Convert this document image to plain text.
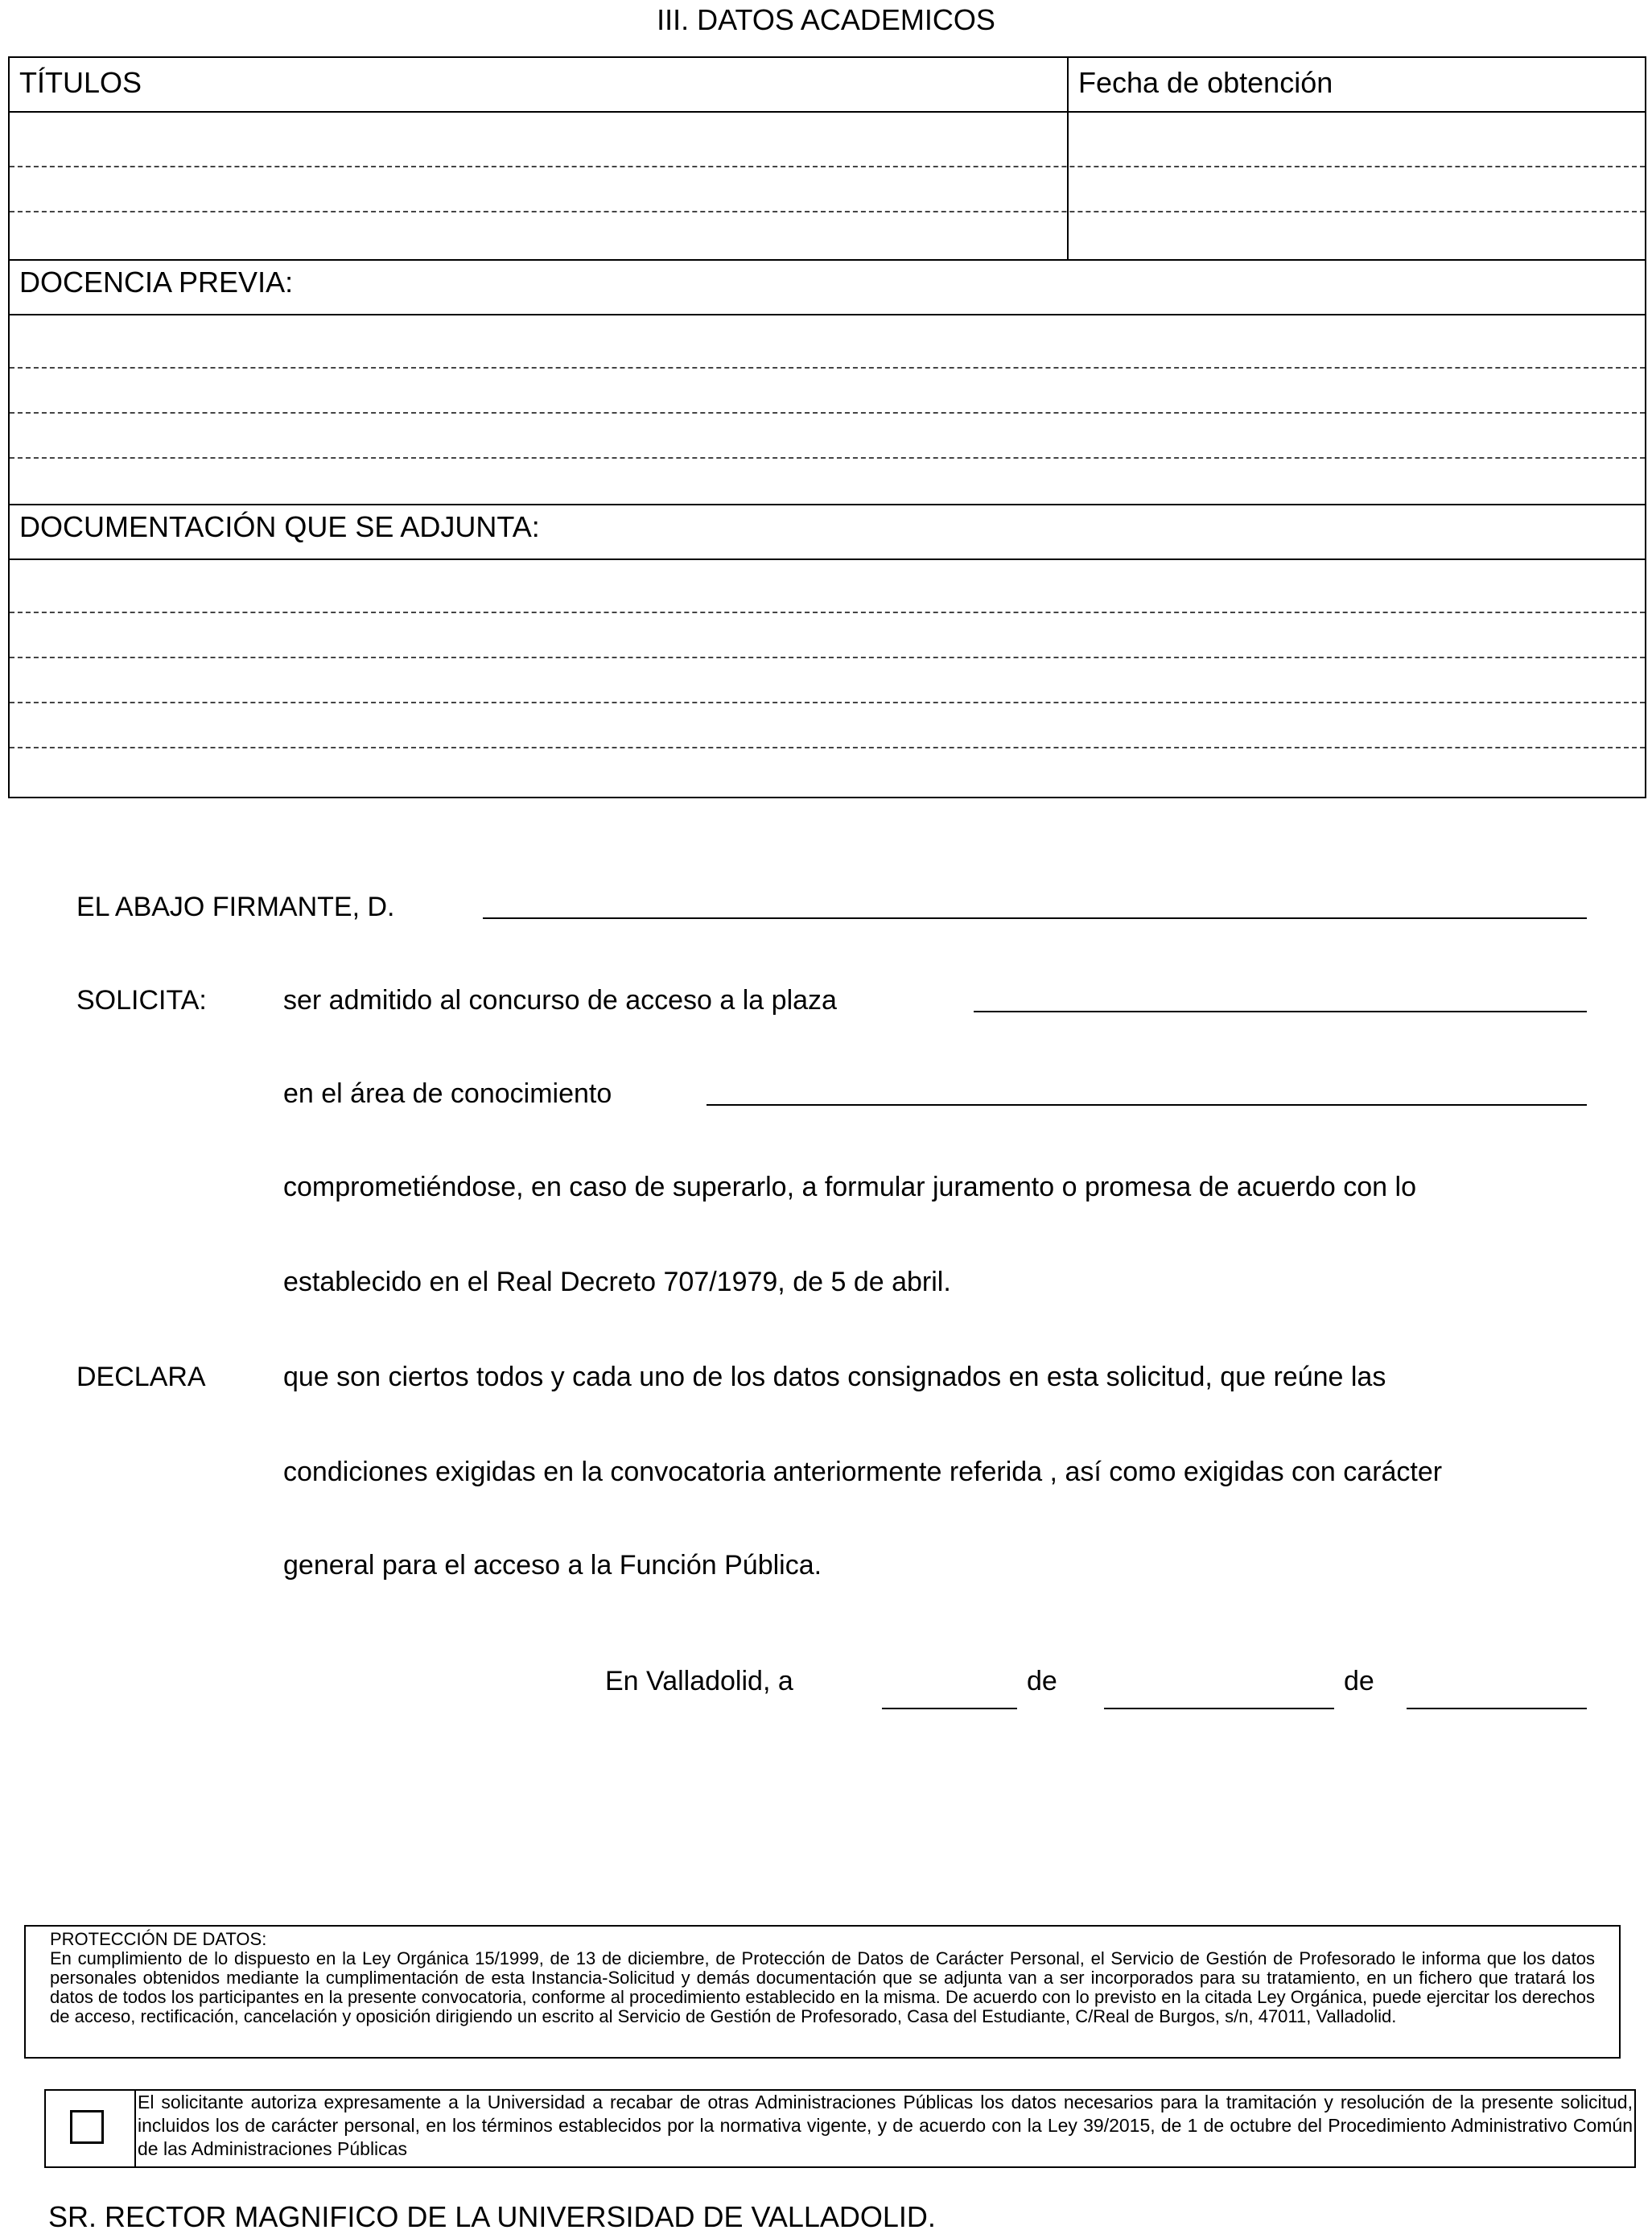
III. DATOS ACADEMICOS
TÍTULOS	Fecha de obtención
DOCENCIA PREVIA:
DOCUMENTACIÓN QUE SE ADJUNTA:
EL ABAJO FIRMANTE, D.
SOLICITA:	ser admitido al concurso de acceso a la plaza
en el área de conocimiento
comprometiéndose, en caso de superarlo, a formular juramento o promesa de acuerdo con lo
establecido en el Real Decreto 707/1979, de 5 de abril.
DECLARA	que son ciertos todos y cada uno de los datos consignados en esta solicitud, que reúne las
condiciones exigidas en la convocatoria anteriormente referida , así como exigidas con carácter
general para el acceso a la Función Pública.
En Valladolid, a	de	de
PROTECCIÓN DE DATOS:
En cumplimiento de lo dispuesto en la Ley Orgánica 15/1999, de 13 de diciembre, de Protección de Datos de Carácter Personal, el Servicio de Gestión de Profesorado le informa que los datos personales obtenidos mediante la cumplimentación de esta Instancia-Solicitud y demás documentación que se adjunta van a ser incorporados para su tratamiento, en un fichero que tratará los datos de todos los participantes en la presente convocatoria, conforme al procedimiento establecido en la misma. De acuerdo con lo previsto en la citada Ley Orgánica, puede ejercitar los derechos de acceso, rectificación, cancelación y oposición dirigiendo un escrito al Servicio de Gestión de Profesorado, Casa del Estudiante, C/Real de Burgos, s/n, 47011, Valladolid.
El solicitante autoriza expresamente a la Universidad a recabar de otras Administraciones Públicas los datos necesarios para la tramitación y resolución de la presente solicitud, incluidos los de carácter personal, en los términos establecidos por la normativa vigente, y de acuerdo con la Ley 39/2015, de 1 de octubre del Procedimiento Administrativo Común de las Administraciones Públicas
SR. RECTOR MAGNIFICO DE LA UNIVERSIDAD DE VALLADOLID.
